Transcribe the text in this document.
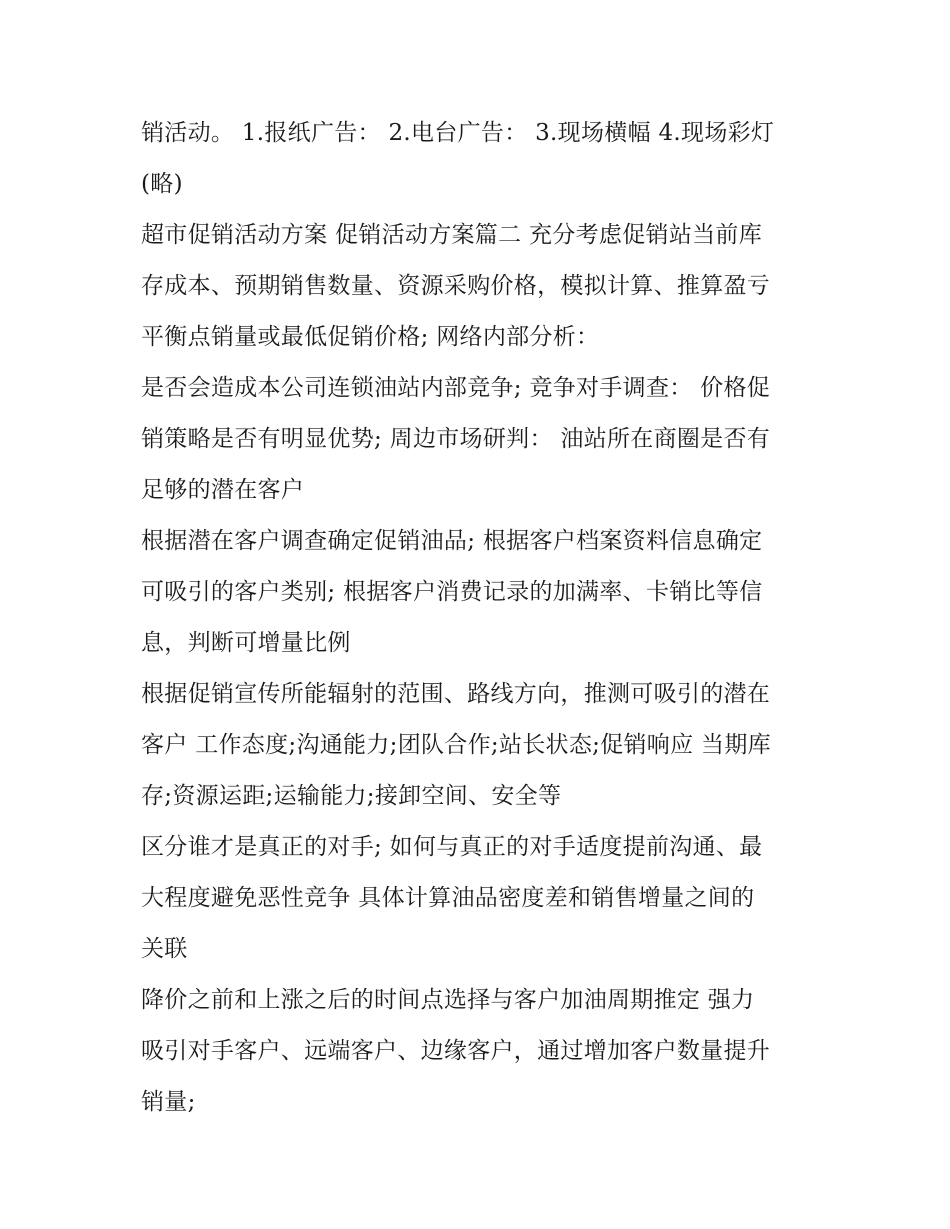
销活动。 1.报纸广告： 2.电台广告： 3.现场横幅 4.现场彩灯
(略)
超市促销活动方案 促销活动方案篇二 充分考虑促销站当前库
存成本、预期销售数量、资源采购价格，模拟计算、推算盈亏
平衡点销量或最低促销价格; 网络内部分析：
是否会造成本公司连锁油站内部竞争; 竞争对手调查： 价格促
销策略是否有明显优势; 周边市场研判： 油站所在商圈是否有
足够的潜在客户
根据潜在客户调查确定促销油品; 根据客户档案资料信息确定
可吸引的客户类别; 根据客户消费记录的加满率、卡销比等信
息，判断可增量比例
根据促销宣传所能辐射的范围、路线方向，推测可吸引的潜在
客户 工作态度;沟通能力;团队合作;站长状态;促销响应 当期库
存;资源运距;运输能力;接卸空间、安全等
区分谁才是真正的对手; 如何与真正的对手适度提前沟通、最
大程度避免恶性竞争 具体计算油品密度差和销售增量之间的
关联
降价之前和上涨之后的时间点选择与客户加油周期推定 强力
吸引对手客户、远端客户、边缘客户，通过增加客户数量提升
销量;
